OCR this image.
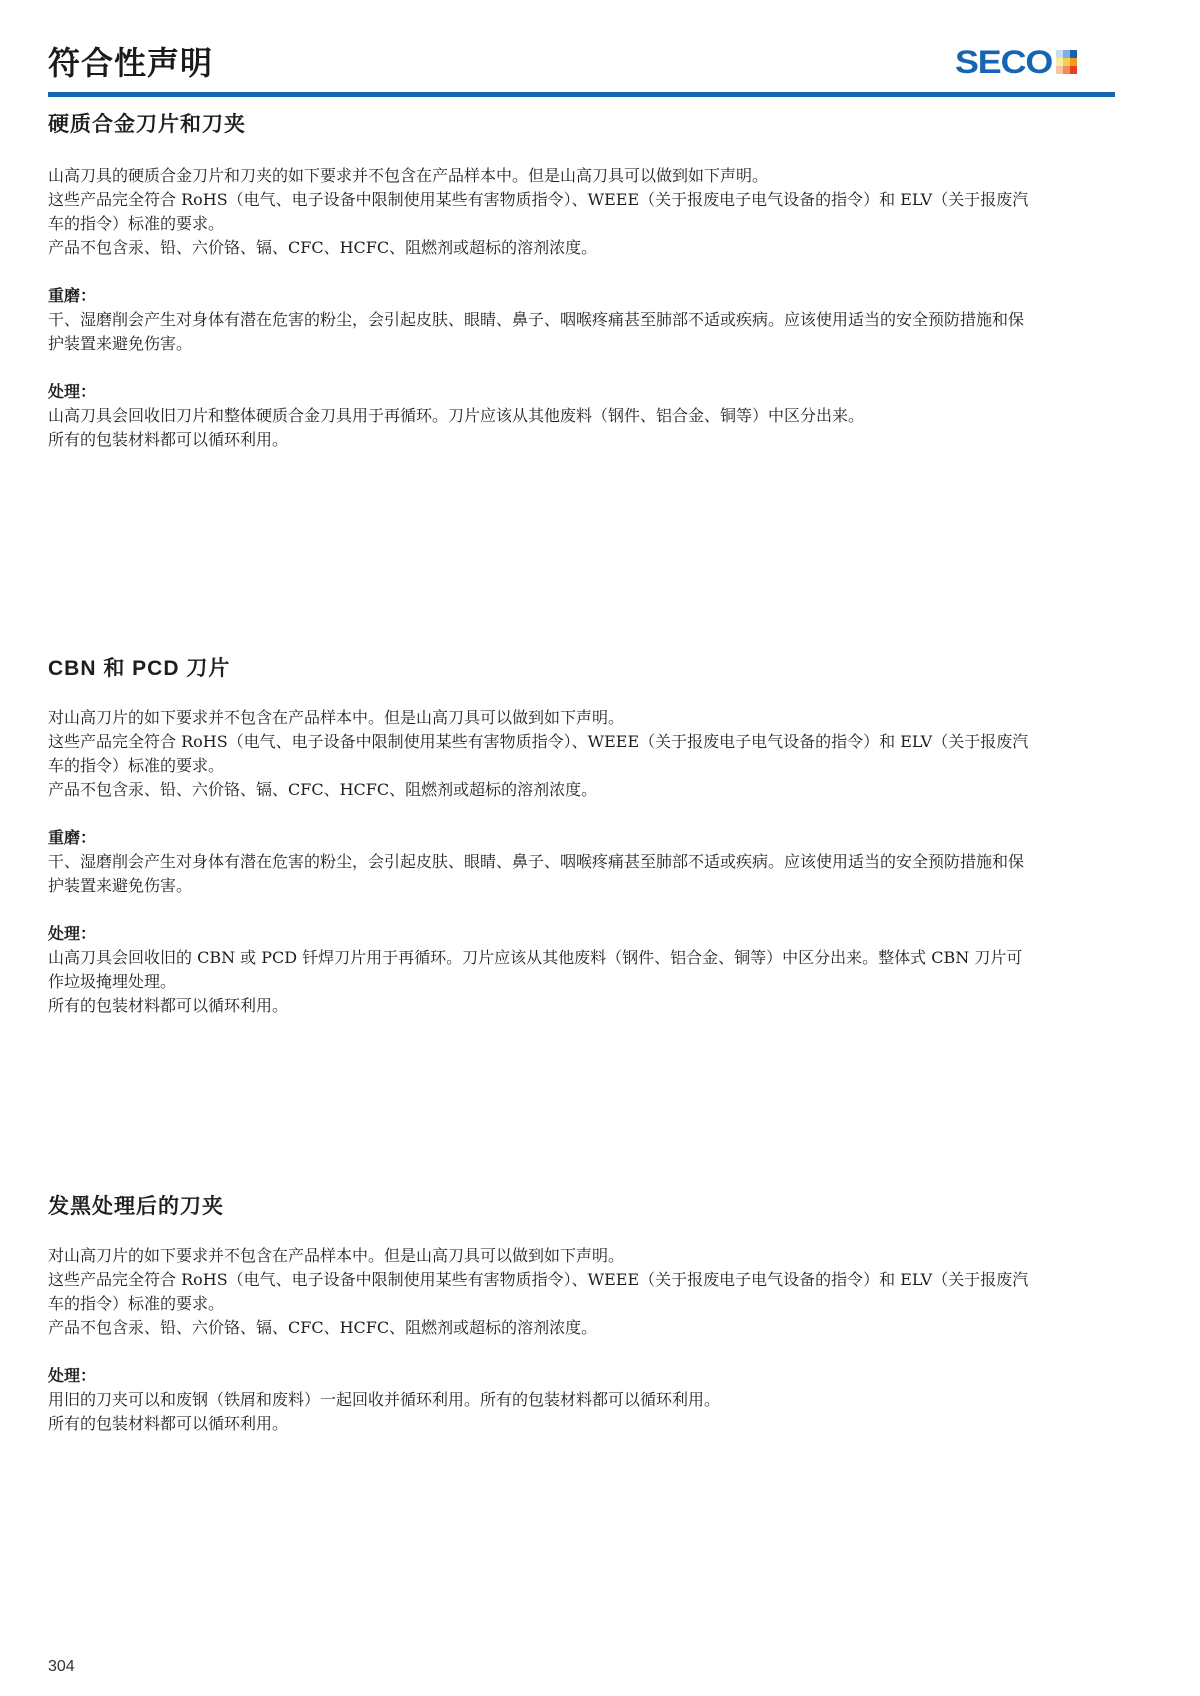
符合性声明	SECO
硬质合金刀片和刀夹

山高刀具的硬质合金刀片和刀夹的如下要求并不包含在产品样本中。但是山高刀具可以做到如下声明。

这些产品完全符合 RoHS（电气、电子设备中限制使用某些有害物质指令）、WEEE（关于报废电子电气设备的指令）和 ELV（关于报废汽车的指令）标准的要求。

产品不包含汞、铅、六价铬、镉、CFC、HCFC、阻燃剂或超标的溶剂浓度。

重磨：

干、湿磨削会产生对身体有潜在危害的粉尘，会引起皮肤、眼睛、鼻子、咽喉疼痛甚至肺部不适或疾病。应该使用适当的安全预防措施和保护装置来避免伤害。

处理：

山高刀具会回收旧刀片和整体硬质合金刀具用于再循环。刀片应该从其他废料（钢件、铝合金、铜等）中区分出来。

所有的包装材料都可以循环利用。

CBN 和 PCD 刀片

对山高刀片的如下要求并不包含在产品样本中。但是山高刀具可以做到如下声明。

这些产品完全符合 RoHS（电气、电子设备中限制使用某些有害物质指令）、WEEE（关于报废电子电气设备的指令）和 ELV（关于报废汽车的指令）标准的要求。

产品不包含汞、铅、六价铬、镉、CFC、HCFC、阻燃剂或超标的溶剂浓度。

重磨：

干、湿磨削会产生对身体有潜在危害的粉尘，会引起皮肤、眼睛、鼻子、咽喉疼痛甚至肺部不适或疾病。应该使用适当的安全预防措施和保护装置来避免伤害。

处理：

山高刀具会回收旧的 CBN 或 PCD 钎焊刀片用于再循环。刀片应该从其他废料（钢件、铝合金、铜等）中区分出来。整体式 CBN 刀片可作垃圾掩埋处理。

所有的包装材料都可以循环利用。

发黑处理后的刀夹

对山高刀片的如下要求并不包含在产品样本中。但是山高刀具可以做到如下声明。

这些产品完全符合 RoHS（电气、电子设备中限制使用某些有害物质指令）、WEEE（关于报废电子电气设备的指令）和 ELV（关于报废汽车的指令）标准的要求。

产品不包含汞、铅、六价铬、镉、CFC、HCFC、阻燃剂或超标的溶剂浓度。

处理：

用旧的刀夹可以和废钢（铁屑和废料）一起回收并循环利用。所有的包装材料都可以循环利用。

所有的包装材料都可以循环利用。

304
